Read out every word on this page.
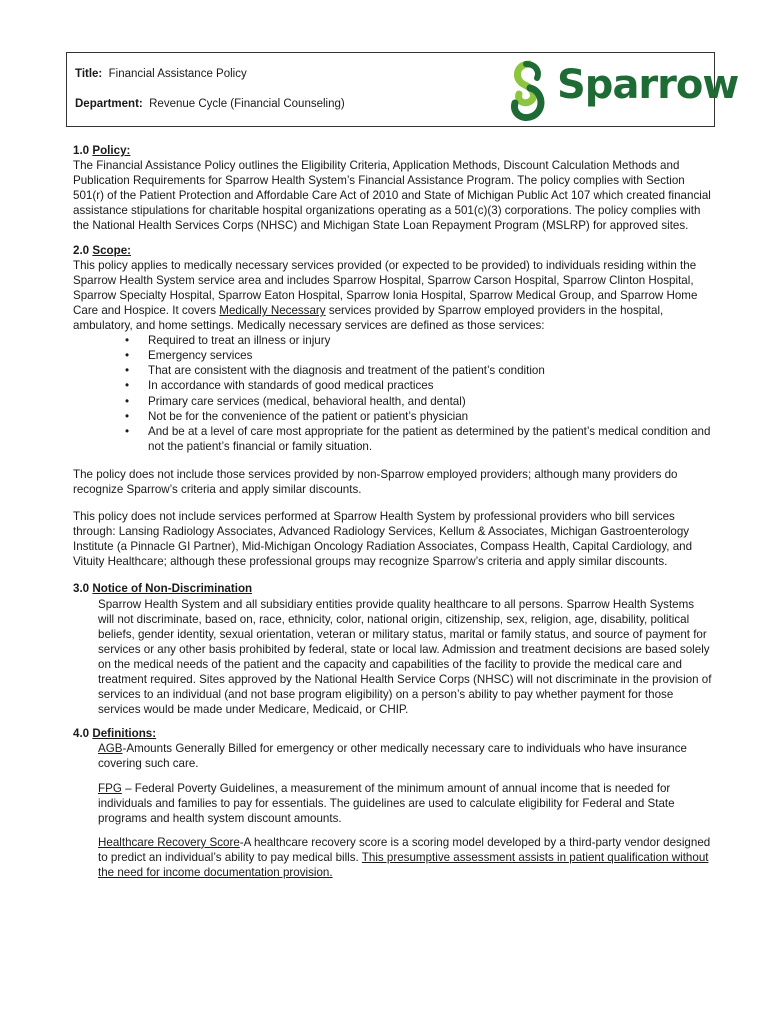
Title: Financial Assistance Policy
Department: Revenue Cycle (Financial Counseling)	Sparrow

1.0 Policy:

The Financial Assistance Policy outlines the Eligibility Criteria, Application Methods, Discount Calculation Methods and Publication Requirements for Sparrow Health System’s Financial Assistance Program. The policy complies with Section 501(r) of the Patient Protection and Affordable Care Act of 2010 and State of Michigan Public Act 107 which created financial assistance stipulations for charitable hospital organizations operating as a 501(c)(3) corporations. The policy complies with the National Health Services Corps (NHSC) and Michigan State Loan Repayment Program (MSLRP) for approved sites.

2.0 Scope:

This policy applies to medically necessary services provided (or expected to be provided) to individuals residing within the Sparrow Health System service area and includes Sparrow Hospital, Sparrow Carson Hospital, Sparrow Clinton Hospital, Sparrow Specialty Hospital, Sparrow Eaton Hospital, Sparrow Ionia Hospital, Sparrow Medical Group, and Sparrow Home Care and Hospice. It covers Medically Necessary services provided by Sparrow employed providers in the hospital, ambulatory, and home settings. Medically necessary services are defined as those services:

• Required to treat an illness or injury
• Emergency services
• That are consistent with the diagnosis and treatment of the patient’s condition
• In accordance with standards of good medical practices
• Primary care services (medical, behavioral health, and dental)
• Not be for the convenience of the patient or patient’s physician
• And be at a level of care most appropriate for the patient as determined by the patient’s medical condition and not the patient’s financial or family situation.

The policy does not include those services provided by non-Sparrow employed providers; although many providers do recognize Sparrow’s criteria and apply similar discounts.

This policy does not include services performed at Sparrow Health System by professional providers who bill services through: Lansing Radiology Associates, Advanced Radiology Services, Kellum & Associates, Michigan Gastroenterology Institute (a Pinnacle GI Partner), Mid-Michigan Oncology Radiation Associates, Compass Health, Capital Cardiology, and Vituity Healthcare; although these professional groups may recognize Sparrow’s criteria and apply similar discounts.

3.0 Notice of Non-Discrimination

Sparrow Health System and all subsidiary entities provide quality healthcare to all persons. Sparrow Health Systems will not discriminate, based on, race, ethnicity, color, national origin, citizenship, sex, religion, age, disability, political beliefs, gender identity, sexual orientation, veteran or military status, marital or family status, and source of payment for services or any other basis prohibited by federal, state or local law. Admission and treatment decisions are based solely on the medical needs of the patient and the capacity and capabilities of the facility to provide the medical care and treatment required. Sites approved by the National Health Service Corps (NHSC) will not discriminate in the provision of services to an individual (and not base program eligibility) on a person’s ability to pay whether payment for those services would be made under Medicare, Medicaid, or CHIP.

4.0 Definitions:

AGB-Amounts Generally Billed for emergency or other medically necessary care to individuals who have insurance covering such care.

FPG – Federal Poverty Guidelines, a measurement of the minimum amount of annual income that is needed for individuals and families to pay for essentials. The guidelines are used to calculate eligibility for Federal and State programs and health system discount amounts.

Healthcare Recovery Score-A healthcare recovery score is a scoring model developed by a third-party vendor designed to predict an individual’s ability to pay medical bills. This presumptive assessment assists in patient qualification without the need for income documentation provision.
